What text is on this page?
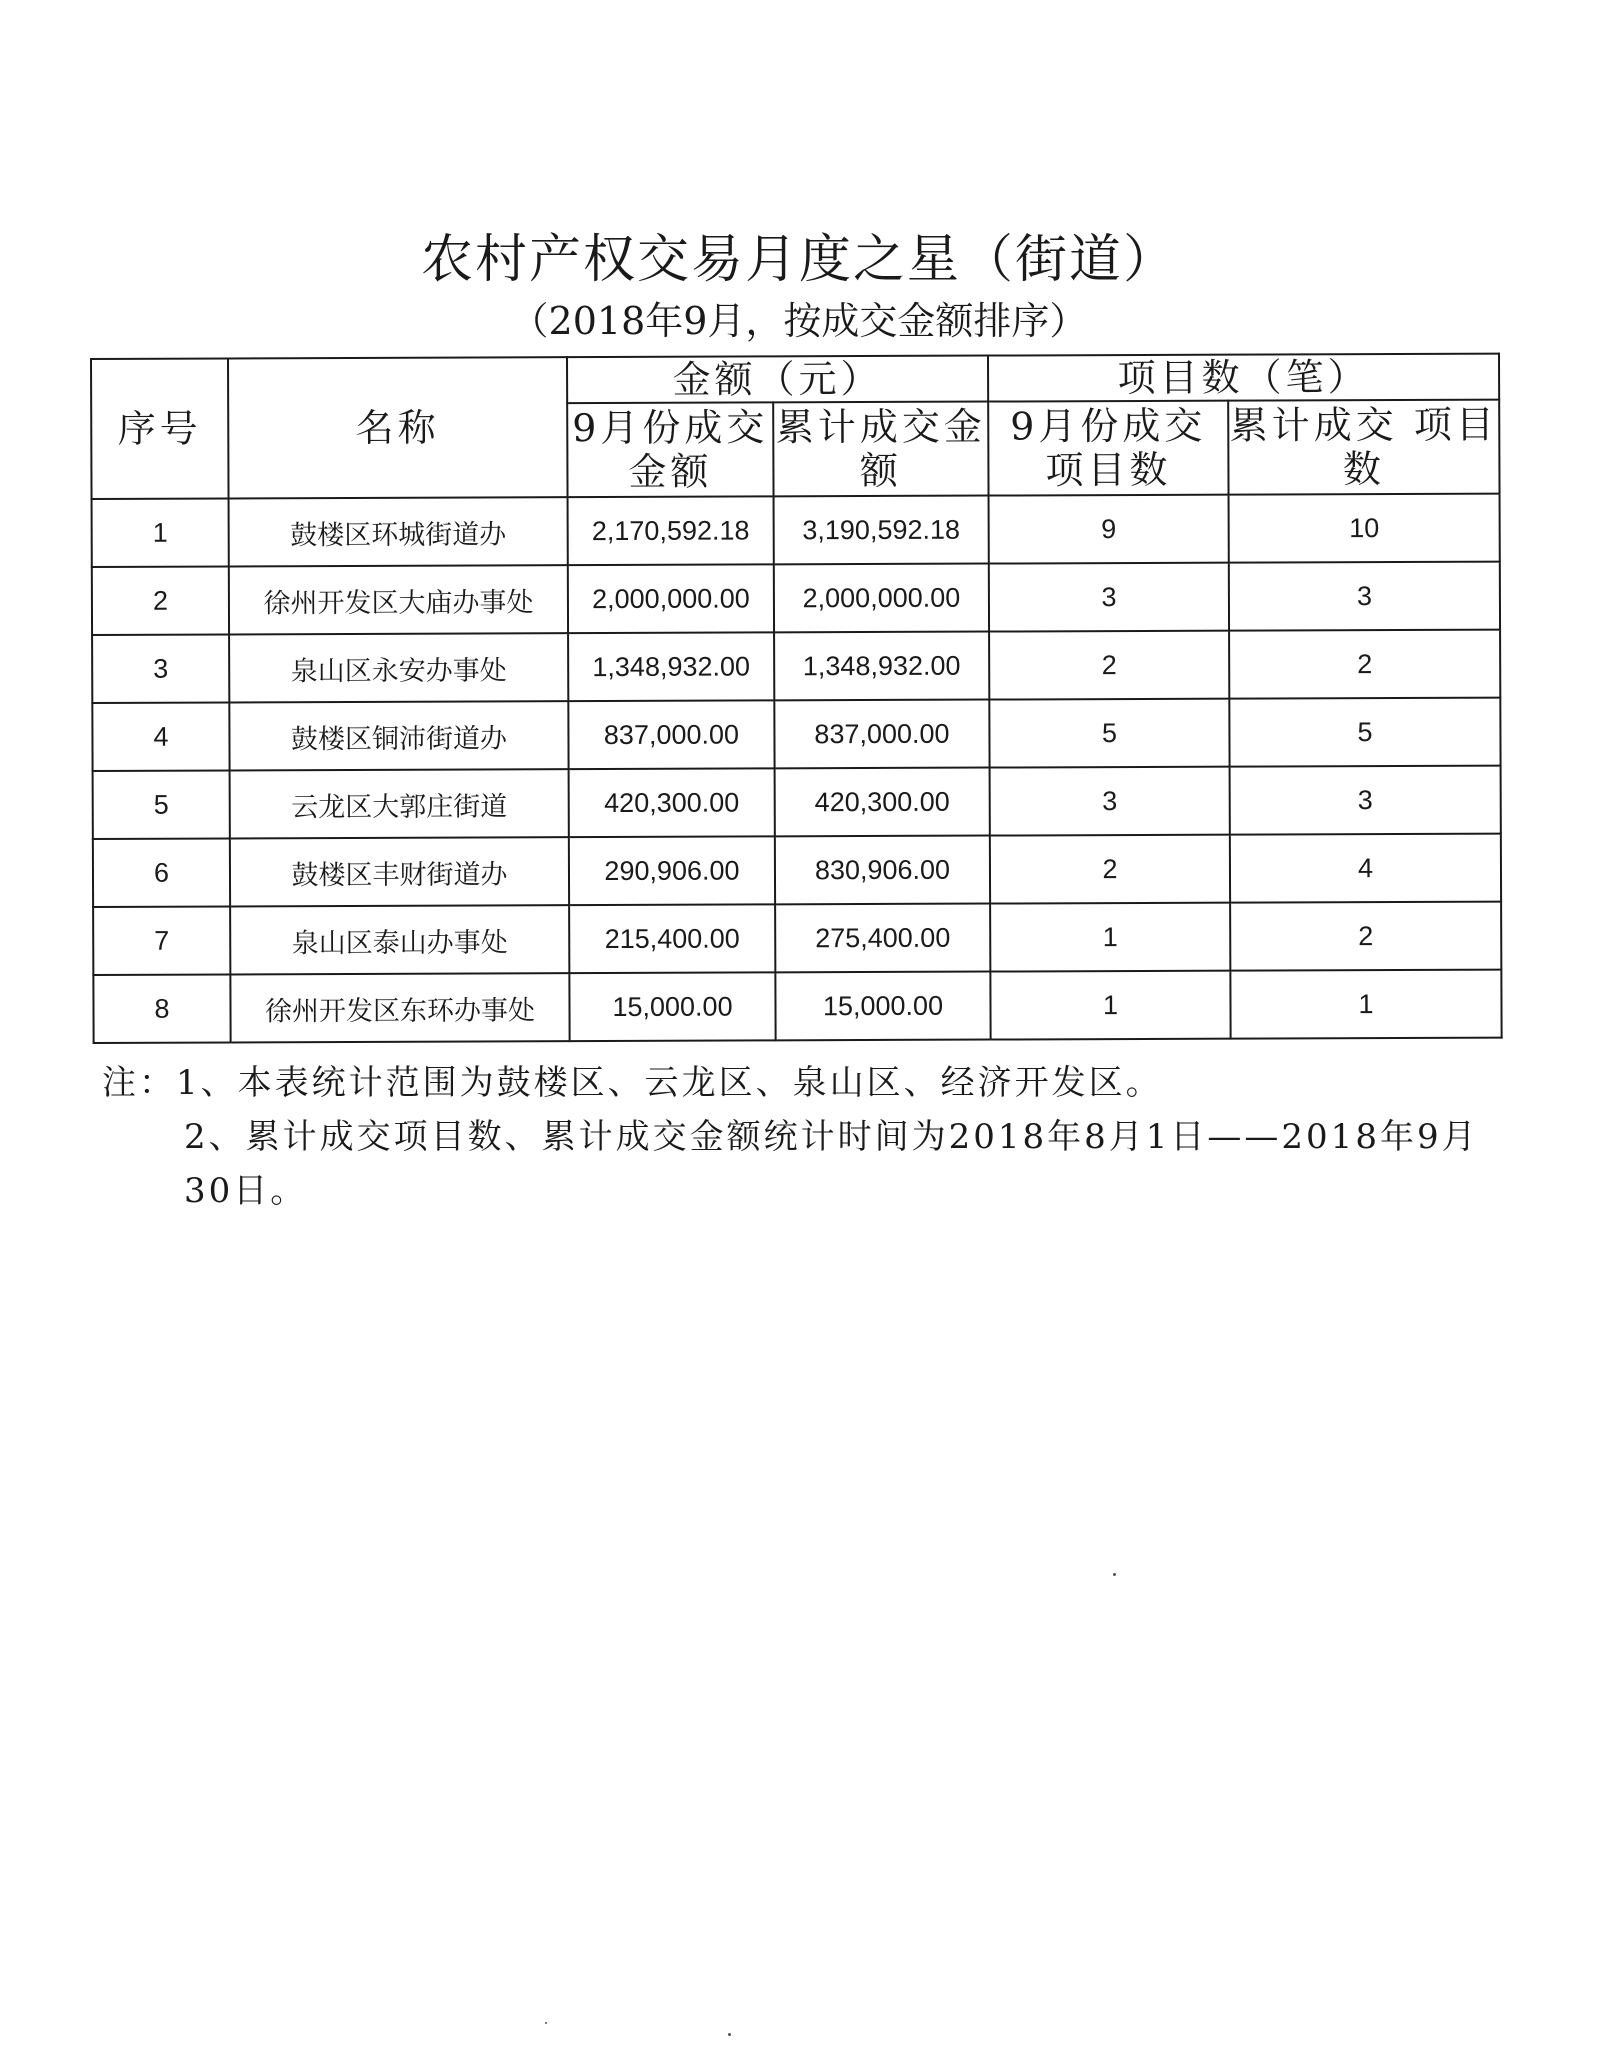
农村产权交易月度之星（街道）
（2018年9月，按成交金额排序）
序号	名称	金额（元）		项目数（笔）	
		9月份成交金额	累计成交金额	9月份成交项目数	累计成交 项目数
1	鼓楼区环城街道办	2,170,592.18	3,190,592.18	9	10
2	徐州开发区大庙办事处	2,000,000.00	2,000,000.00	3	3
3	泉山区永安办事处	1,348,932.00	1,348,932.00	2	2
4	鼓楼区铜沛街道办	837,000.00	837,000.00	5	5
5	云龙区大郭庄街道	420,300.00	420,300.00	3	3
6	鼓楼区丰财街道办	290,906.00	830,906.00	2	4
7	泉山区泰山办事处	215,400.00	275,400.00	1	2
8	徐州开发区东环办事处	15,000.00	15,000.00	1	1
注：1、本表统计范围为鼓楼区、云龙区、泉山区、经济开发区。
2、累计成交项目数、累计成交金额统计时间为2018年8月1日——2018年9月30日。
